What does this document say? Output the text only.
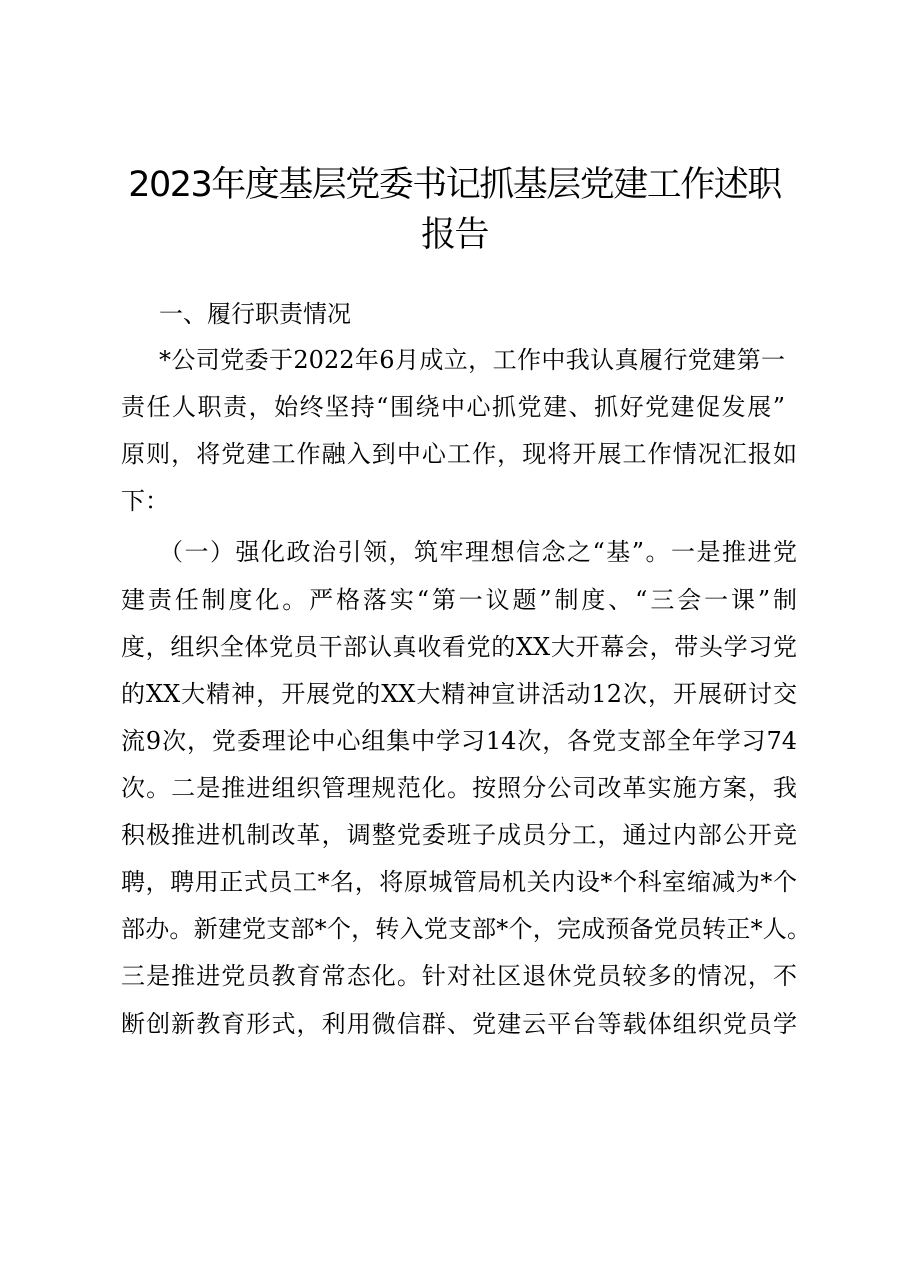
2023年度基层党委书记抓基层党建工作述职
报告

一、履行职责情况

*公司党委于2022年6月成立，工作中我认真履行党建第一

责任人职责，始终坚持“围绕中心抓党建、抓好党建促发展”

原则，将党建工作融入到中心工作，现将开展工作情况汇报如

下：

（一）强化政治引领，筑牢理想信念之“基”。一是推进党

建责任制度化。严格落实“第一议题”制度、“三会一课”制

度，组织全体党员干部认真收看党的XX大开幕会，带头学习党

的XX大精神，开展党的XX大精神宣讲活动12次，开展研讨交

流9次，党委理论中心组集中学习14次，各党支部全年学习74

次。二是推进组织管理规范化。按照分公司改革实施方案，我

积极推进机制改革，调整党委班子成员分工，通过内部公开竞

聘，聘用正式员工*名，将原城管局机关内设*个科室缩减为*个

部办。新建党支部*个，转入党支部*个，完成预备党员转正*人。

三是推进党员教育常态化。针对社区退休党员较多的情况，不

断创新教育形式，利用微信群、党建云平台等载体组织党员学
